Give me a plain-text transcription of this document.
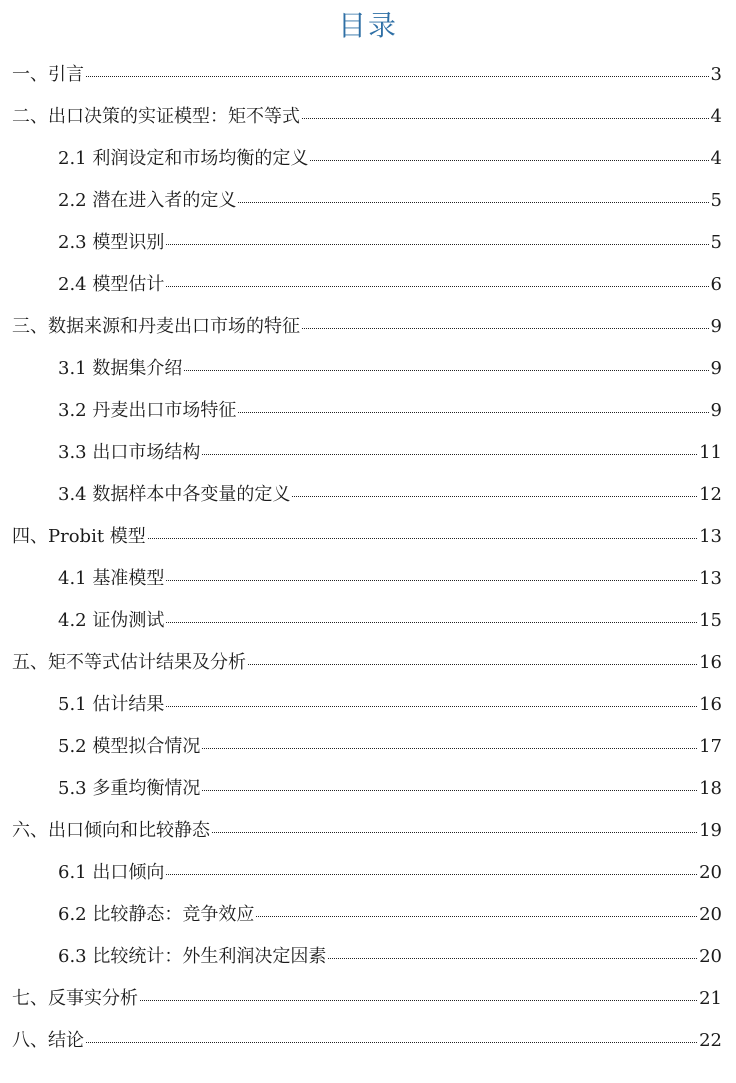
目录
一、引言	3
二、出口决策的实证模型：矩不等式	4
2.1 利润设定和市场均衡的定义	4
2.2 潜在进入者的定义	5
2.3 模型识别	5
2.4 模型估计	6
三、数据来源和丹麦出口市场的特征	9
3.1 数据集介绍	9
3.2 丹麦出口市场特征	9
3.3 出口市场结构	11
3.4 数据样本中各变量的定义	12
四、Probit 模型	13
4.1 基准模型	13
4.2 证伪测试	15
五、矩不等式估计结果及分析	16
5.1 估计结果	16
5.2 模型拟合情况	17
5.3 多重均衡情况	18
六、出口倾向和比较静态	19
6.1 出口倾向	20
6.2 比较静态：竞争效应	20
6.3 比较统计：外生利润决定因素	20
七、反事实分析	21
八、结论	22
